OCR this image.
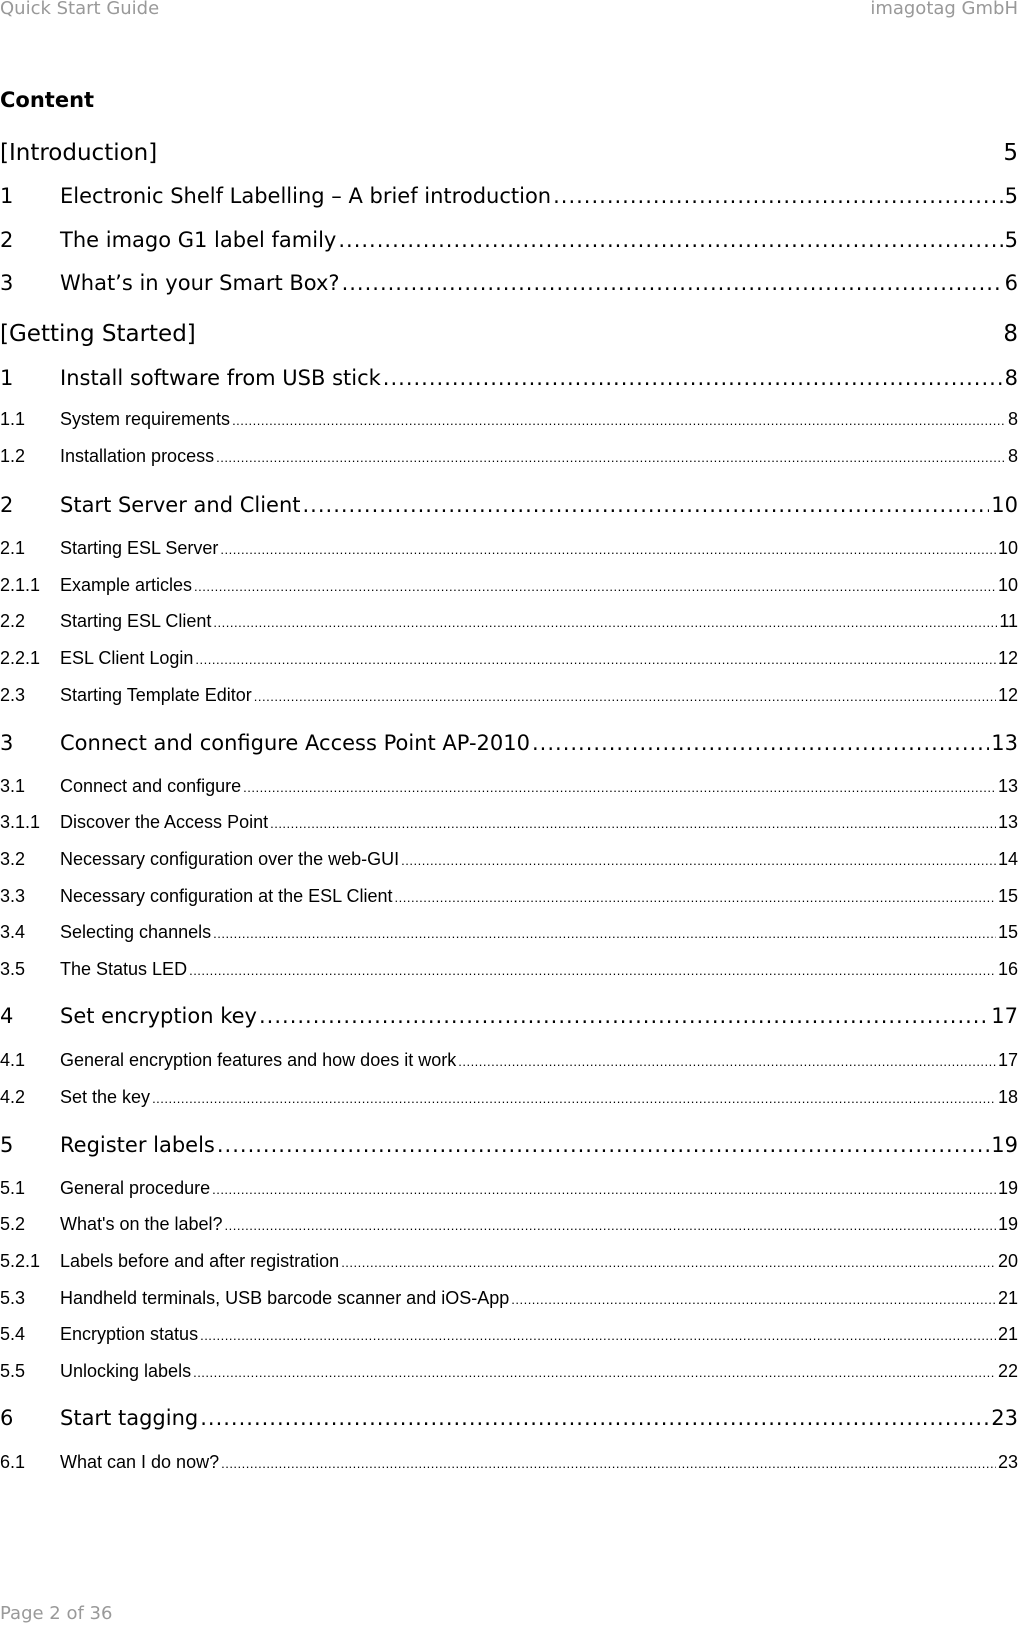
Quick Start Guide	imagotag GmbH
Content
[Introduction]	5
1	Electronic Shelf Labelling – A brief introduction .....	5
2	The imago G1 label family .....	5
3	What’s in your Smart Box? .....	6
[Getting Started]	8
1	Install software from USB stick .....	8
1.1	System requirements .....	8
1.2	Installation process .....	8
2	Start Server and Client .....	10
2.1	Starting ESL Server .....	10
2.1.1	Example articles .....	10
2.2	Starting ESL Client .....	11
2.2.1	ESL Client Login .....	12
2.3	Starting Template Editor .....	12
3	Connect and configure Access Point AP-2010 .....	13
3.1	Connect and configure .....	13
3.1.1	Discover the Access Point .....	13
3.2	Necessary configuration over the web-GUI .....	14
3.3	Necessary configuration at the ESL Client .....	15
3.4	Selecting channels .....	15
3.5	The Status LED .....	16
4	Set encryption key .....	17
4.1	General encryption features and how does it work .....	17
4.2	Set the key .....	18
5	Register labels .....	19
5.1	General procedure .....	19
5.2	What's on the label? .....	19
5.2.1	Labels before and after registration .....	20
5.3	Handheld terminals, USB barcode scanner and iOS-App .....	21
5.4	Encryption status .....	21
5.5	Unlocking labels .....	22
6	Start tagging .....	23
6.1	What can I do now? .....	23
Page 2 of 36
